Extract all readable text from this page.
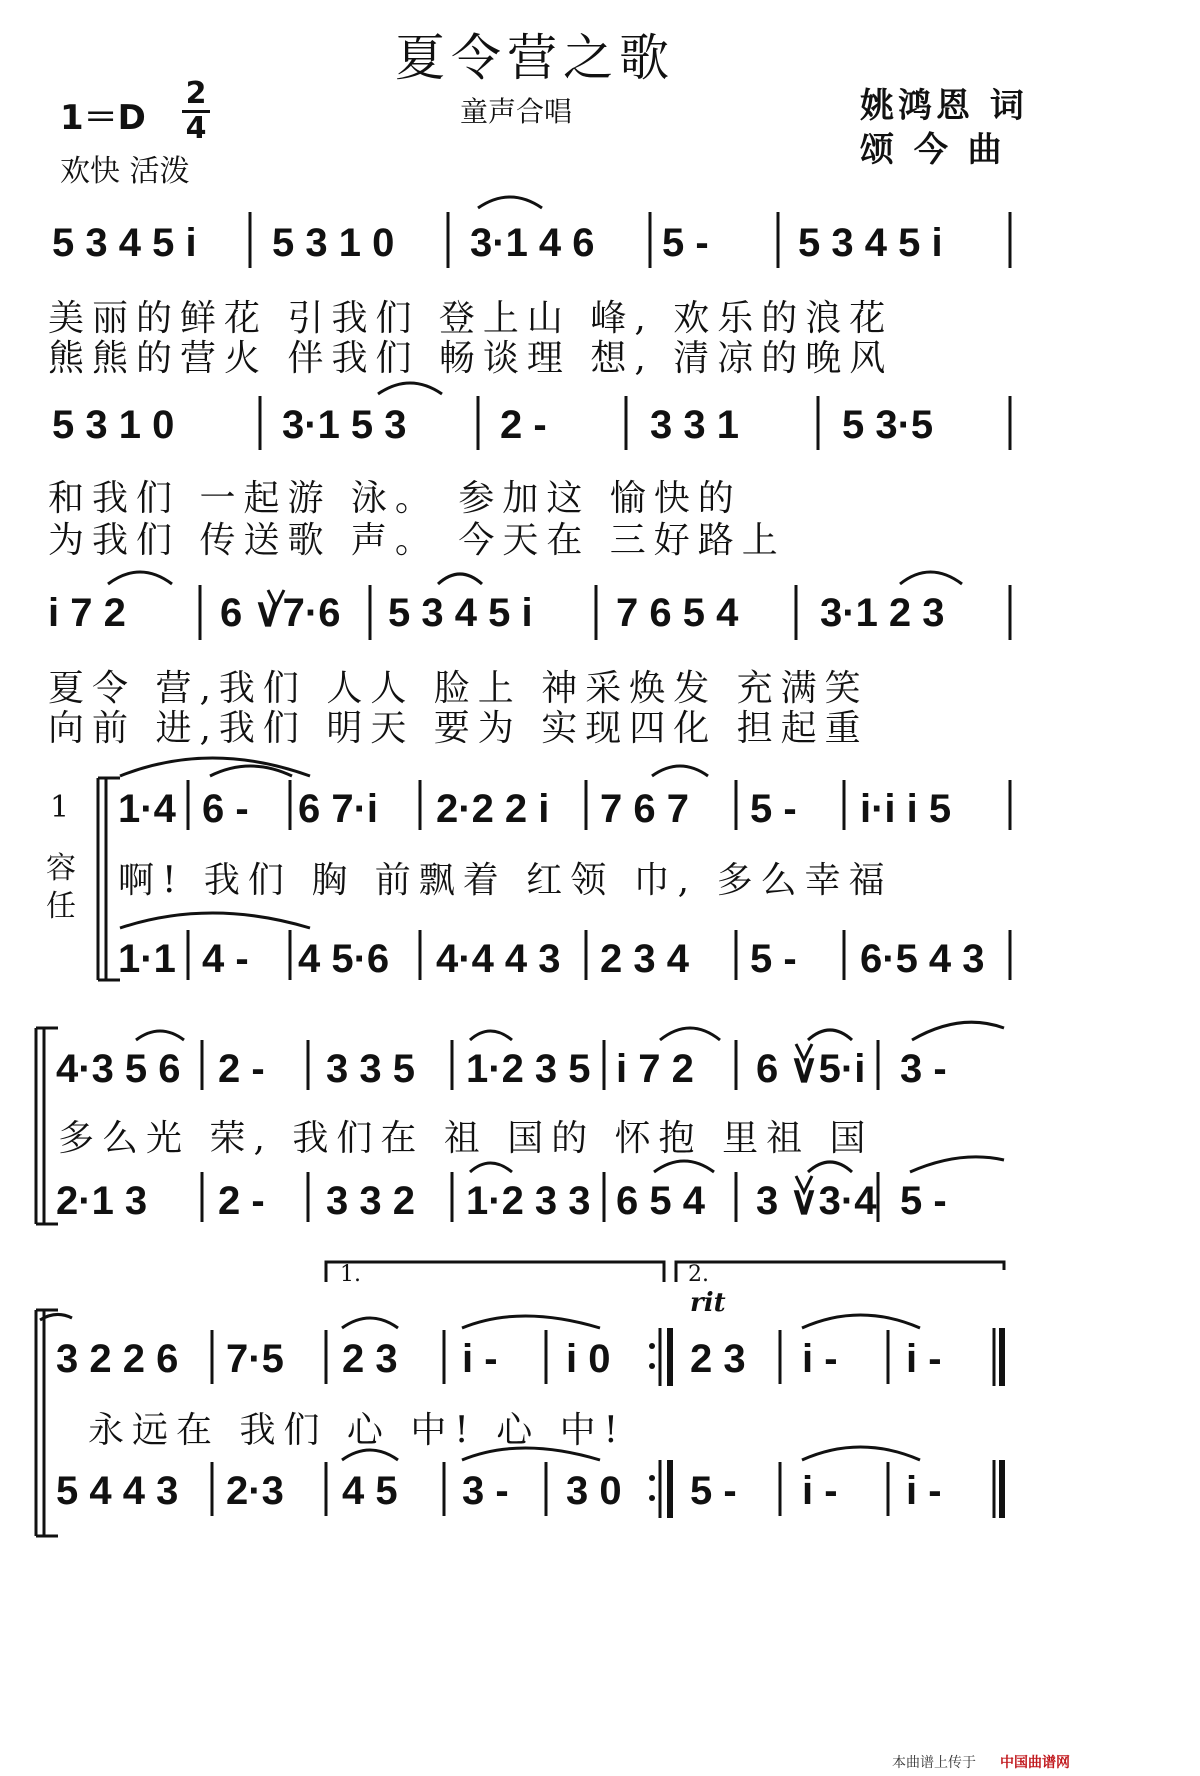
夏令营之歌
童声合唱
1＝D
2
4
欢快 活泼
姚鸿恩 词
颂 今 曲
美丽的鲜花 引我们 登上山 峰, 欢乐的浪花
熊熊的营火 伴我们 畅谈理 想, 清凉的晚风
和我们 一起游 泳。 参加这 愉快的
为我们 传送歌 声。 今天在 三好路上
夏令 营,我们 人人 脸上 神采焕发 充满笑
向前 进,我们 明天 要为 实现四化 担起重
1
容
任
啊! 我们 胸 前飘着 红领 巾, 多么幸福
多么光 荣, 我们在 祖 国的 怀抱 里祖 国
1.	2.
rit
永远在 我们 心 中! 心 中!
本曲谱上传于 中国曲谱网
5 3 4 5 i 5 3 1 0 3·1 4 6 5 - 5 3 4 5 i
5 3 1 0	3·1 5 3 2 -	3 3 1	5 3·5
i 7 2 6 ∨7·6 5 3 4 5 i 7 6 5 4 3·1 2 3
1·4 6 - 6 7·i 2·2 2 i 7 6 7 5 - i·i i 5
1·1 4 - 4 5·6 4·4 4 3 2 3 4 5 - 6·5 4 3
4·3 5 6 2 - 3 3 5 1·2 3 5 i 7 2 6 ∨5·i 3 -
2·1 3 2 - 3 3 2 1·2 3 3 6 5 4 3 ∨3·4 5 -
3 2 2 6 7·5 2 3 i - i 0 2 3 i - i -
5 4 4 3 2·3 4 5 3 - 3 0 5 - i - i -
